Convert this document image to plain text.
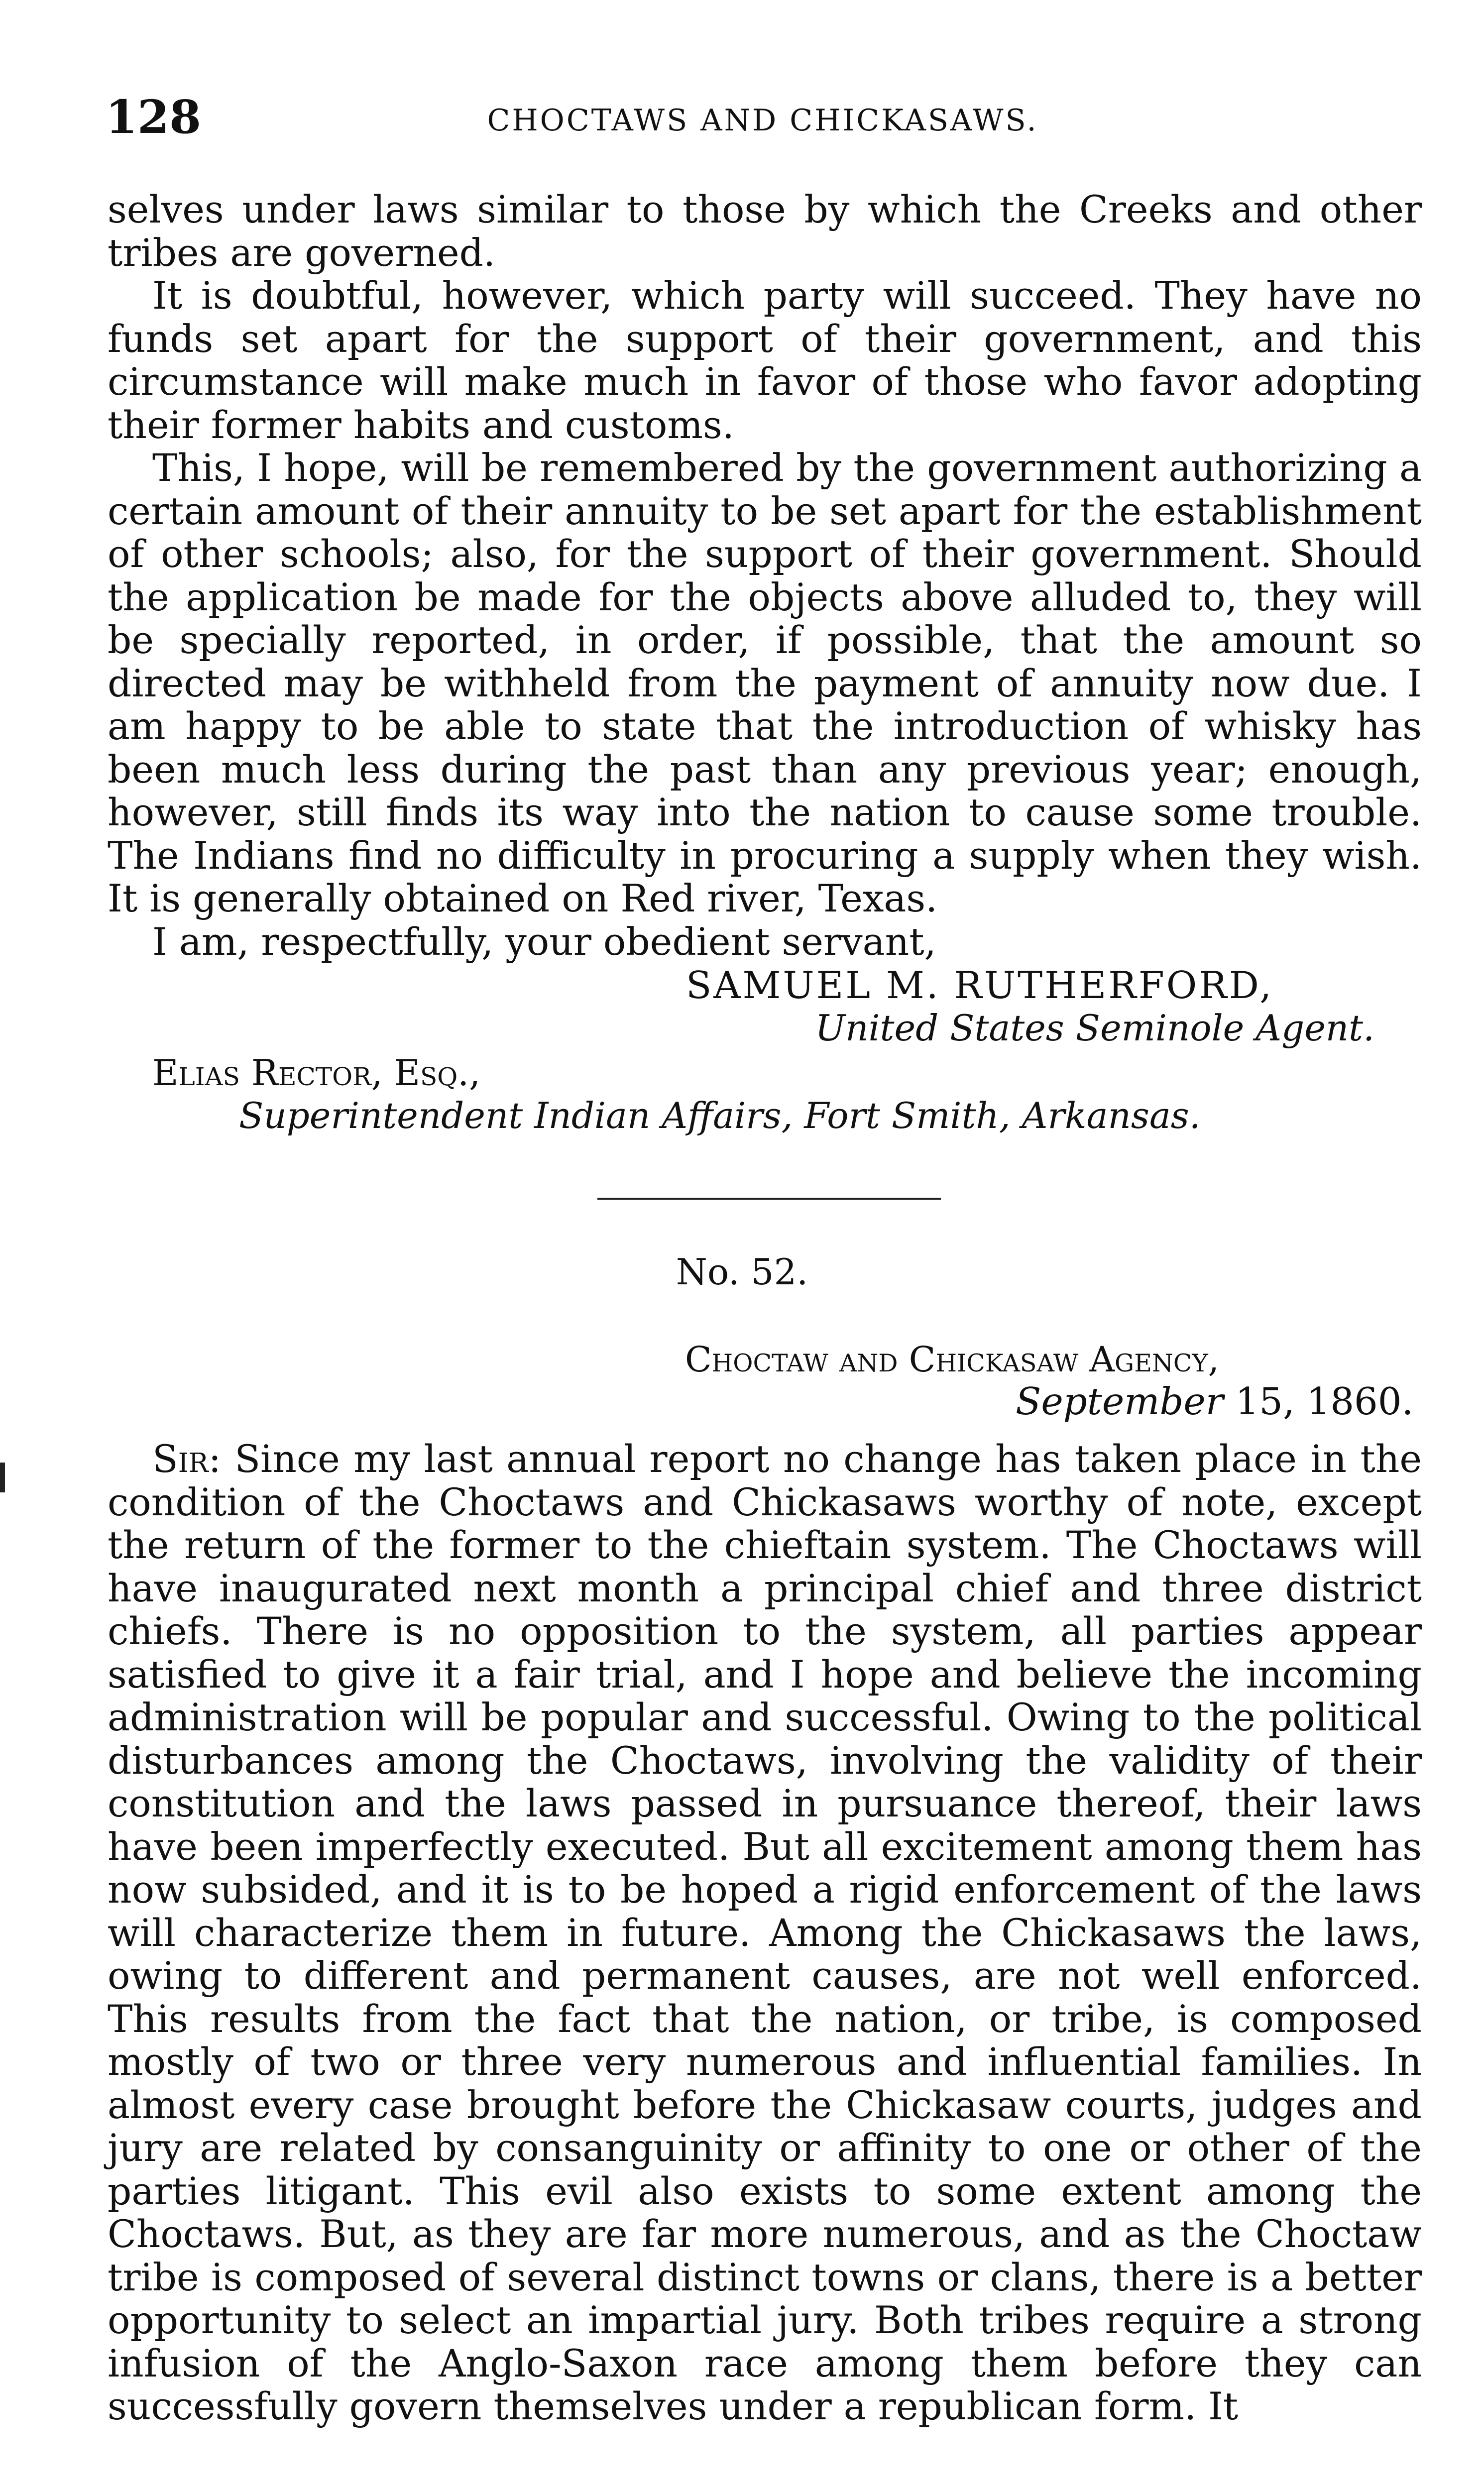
128	CHOCTAWS AND CHICKASAWS.

selves under laws similar to those by which the Creeks and other tribes are governed.

It is doubtful, however, which party will succeed. They have no funds set apart for the support of their government, and this circumstance will make much in favor of those who favor adopting their former habits and customs.

This, I hope, will be remembered by the government authorizing a certain amount of their annuity to be set apart for the establishment of other schools; also, for the support of their government. Should the application be made for the objects above alluded to, they will be specially reported, in order, if possible, that the amount so directed may be withheld from the payment of annuity now due. I am happy to be able to state that the introduction of whisky has been much less during the past than any previous year; enough, however, still finds its way into the nation to cause some trouble. The Indians find no difficulty in procuring a supply when they wish. It is generally obtained on Red river, Texas.

I am, respectfully, your obedient servant,

SAMUEL M. RUTHERFORD,
United States Seminole Agent.
Elias Rector, Esq.,
Superintendent Indian Affairs, Fort Smith, Arkansas.
No. 52.
Choctaw and Chickasaw Agency,
September 15, 1860.

Sir: Since my last annual report no change has taken place in the condition of the Choctaws and Chickasaws worthy of note, except the return of the former to the chieftain system. The Choctaws will have inaugurated next month a principal chief and three district chiefs. There is no opposition to the system, all parties appear satisfied to give it a fair trial, and I hope and believe the incoming administration will be popular and successful. Owing to the political disturbances among the Choctaws, involving the validity of their constitution and the laws passed in pursuance thereof, their laws have been imperfectly executed. But all excitement among them has now subsided, and it is to be hoped a rigid enforcement of the laws will characterize them in future. Among the Chickasaws the laws, owing to different and permanent causes, are not well enforced. This results from the fact that the nation, or tribe, is composed mostly of two or three very numerous and influential families. In almost every case brought before the Chickasaw courts, judges and jury are related by consanguinity or affinity to one or other of the parties litigant. This evil also exists to some extent among the Choctaws. But, as they are far more numerous, and as the Choctaw tribe is composed of several distinct towns or clans, there is a better opportunity to select an impartial jury. Both tribes require a strong infusion of the Anglo-Saxon race among them before they can successfully govern themselves under a republican form. It
